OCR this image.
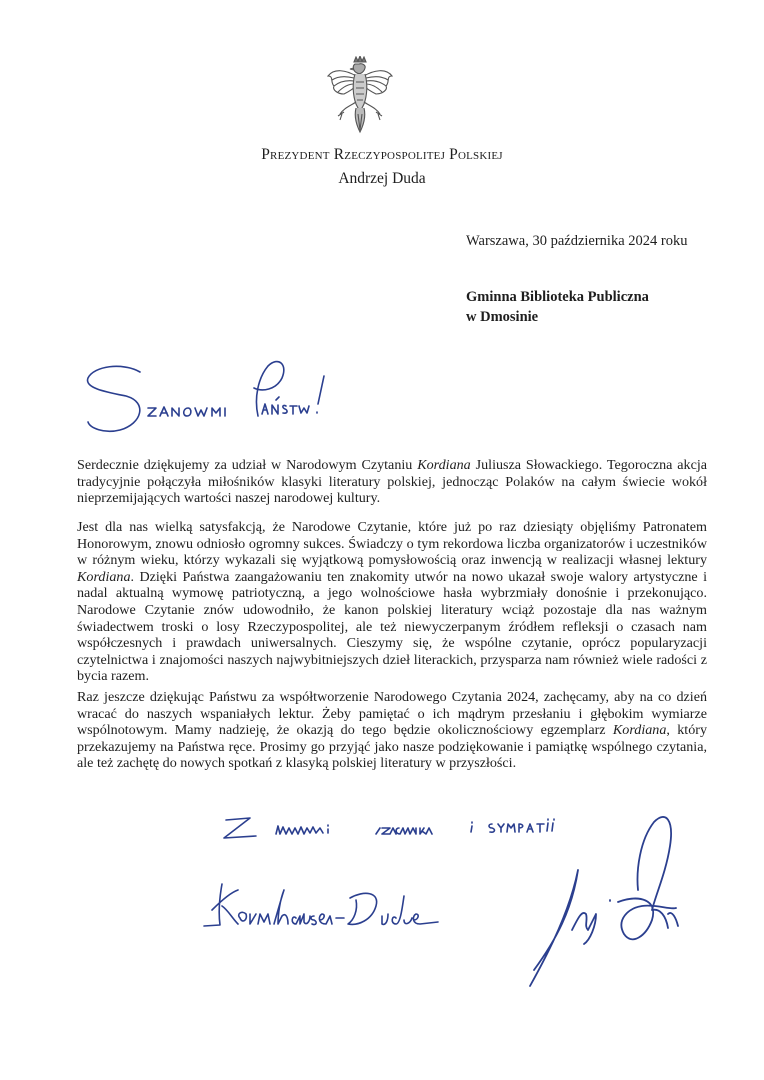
Prezydent Rzeczypospolitej Polskiej
Andrzej Duda
Warszawa, 30 października 2024 roku
Gminna Biblioteka Publiczna
w Dmosinie

Serdecznie dziękujemy za udział w Narodowym Czytaniu Kordiana Juliusza Słowackiego. Tegoroczna akcja tradycyjnie połączyła miłośników klasyki literatury polskiej, jednocząc Polaków na całym świecie wokół nieprzemijających wartości naszej narodowej kultury.

Jest dla nas wielką satysfakcją, że Narodowe Czytanie, które już po raz dziesiąty objęliśmy Patronatem Honorowym, znowu odniosło ogromny sukces. Świadczy o tym rekordowa liczba organizatorów i uczestników w różnym wieku, którzy wykazali się wyjątkową pomysłowością oraz inwencją w realizacji własnej lektury Kordiana. Dzięki Państwa zaangażowaniu ten znakomity utwór na nowo ukazał swoje walory artystyczne i nadal aktualną wymowę patriotyczną, a jego wolnościowe hasła wybrzmiały donośnie i przekonująco. Narodowe Czytanie znów udowodniło, że kanon polskiej literatury wciąż pozostaje dla nas ważnym świadectwem troski o losy Rzeczypospolitej, ale też niewyczerpanym źródłem refleksji o czasach nam współczesnych i prawdach uniwersalnych. Cieszymy się, że wspólne czytanie, oprócz popularyzacji czytelnictwa i znajomości naszych najwybitniejszych dzieł literackich, przysparza nam również wiele radości z bycia razem.

Raz jeszcze dziękując Państwu za współtworzenie Narodowego Czytania 2024, zachęcamy, aby na co dzień wracać do naszych wspaniałych lektur. Żeby pamiętać o ich mądrym przesłaniu i głębokim wymiarze wspólnotowym. Mamy nadzieję, że okazją do tego będzie okolicznościowy egzemplarz Kordiana, który przekazujemy na Państwa ręce. Prosimy go przyjąć jako nasze podziękowanie i pamiątkę wspólnego czytania, ale też zachętę do nowych spotkań z klasyką polskiej literatury w przyszłości.
